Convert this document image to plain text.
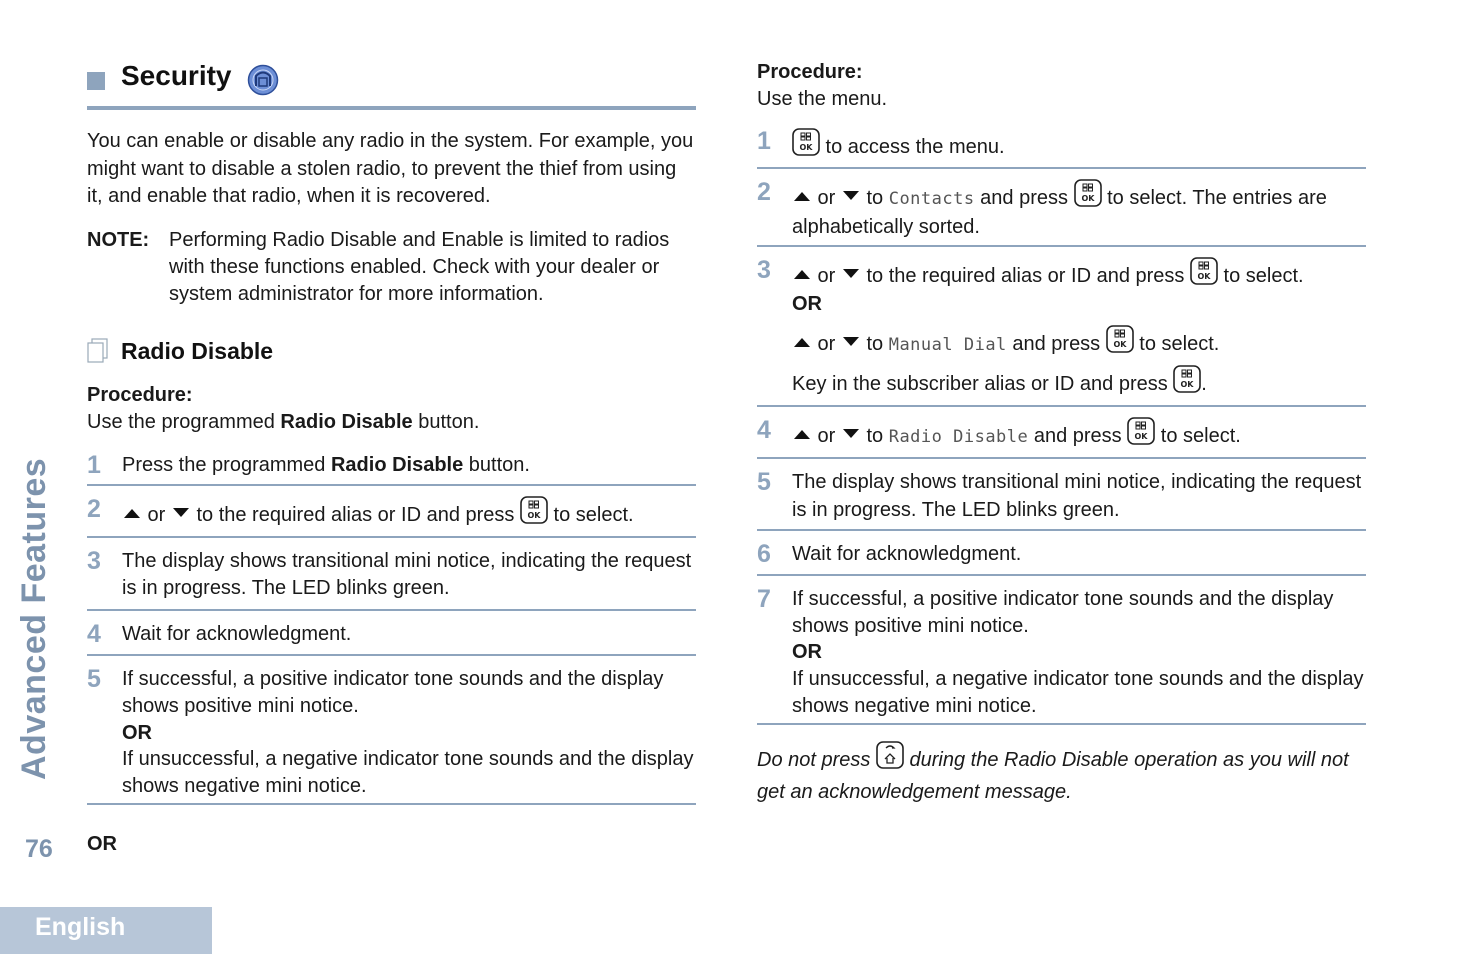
Advanced Features
76
English
Security
You can enable or disable any radio in the system. For example, you might want to disable a stolen radio, to prevent the thief from using it, and enable that radio, when it is recovered.
NOTE: Performing Radio Disable and Enable is limited to radios with these functions enabled. Check with your dealer or system administrator for more information.
Radio Disable
Procedure:
Use the programmed Radio Disable button.
1 Press the programmed Radio Disable button.
2 or  to the required alias or ID and press OK to select.
3 The display shows transitional mini notice, indicating the request is in progress. The LED blinks green.
4 Wait for acknowledgment.
5 If successful, a positive indicator tone sounds and the display shows positive mini notice.
OR
If unsuccessful, a negative indicator tone sounds and the display shows negative mini notice.
OR
Procedure:
Use the menu.
1	OK to access the menu.
2 or  to Contacts and press OK to select. The entries are alphabetically sorted.
3	or  to the required alias or ID and press OK to select.
OR
or  to Manual Dial and press OK to select.
Key in the subscriber alias or ID and press OK .
4 or  to Radio Disable and press OK to select.
5 The display shows transitional mini notice, indicating the request is in progress. The LED blinks green.
6 Wait for acknowledgment.
7 If successful, a positive indicator tone sounds and the display shows positive mini notice.
OR
If unsuccessful, a negative indicator tone sounds and the display shows negative mini notice.
Do not press  during the Radio Disable operation as you will not get an acknowledgement message.
